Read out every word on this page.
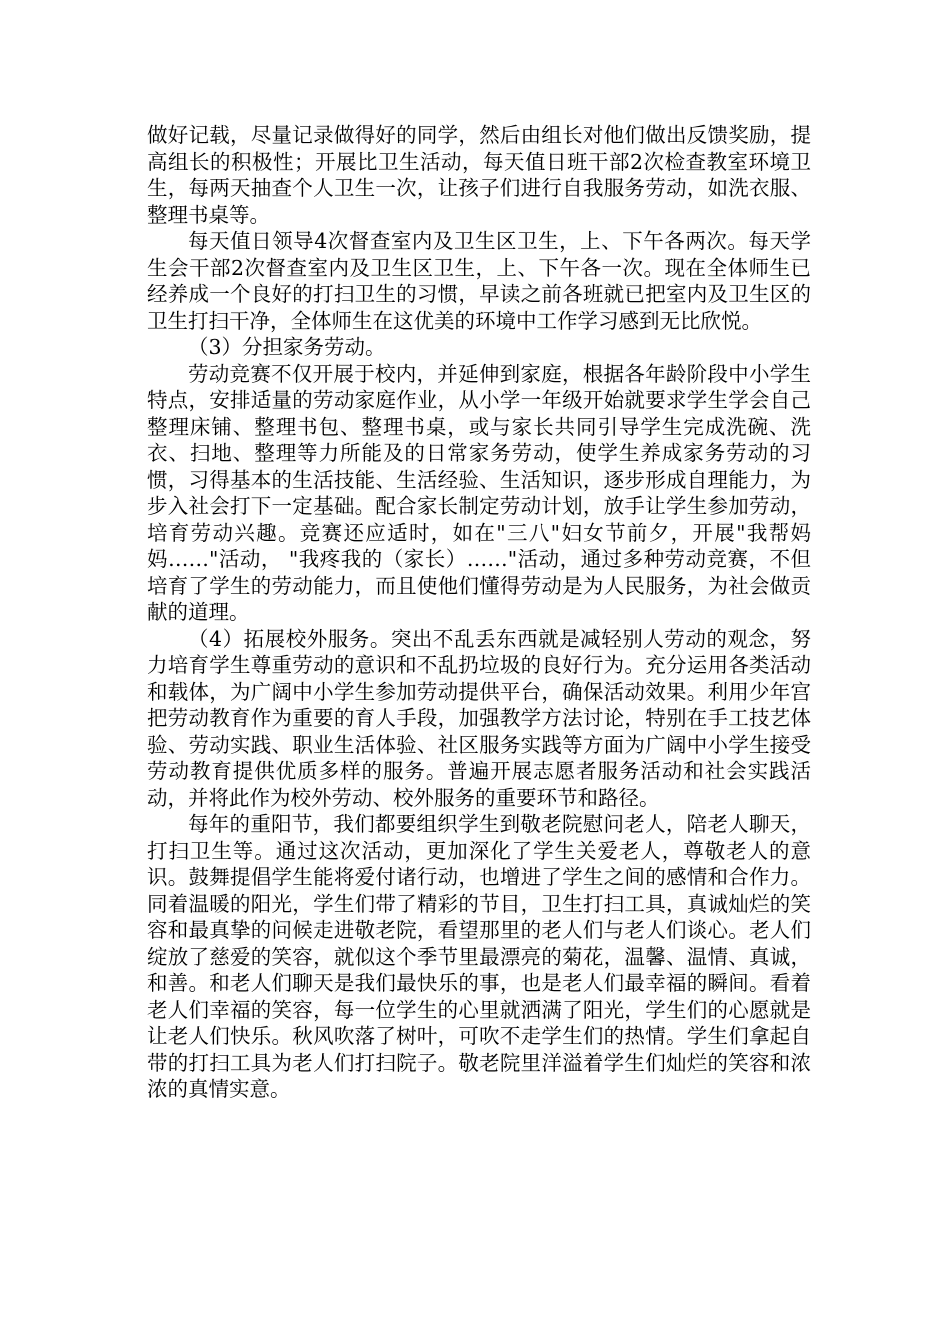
做好记载，尽量记录做得好的同学，然后由组长对他们做出反馈奖励，提高组长的积极性；开展比卫生活动，每天值日班干部2次检查教室环境卫生，每两天抽查个人卫生一次，让孩子们进行自我服务劳动，如洗衣服、整理书桌等。

每天值日领导4次督查室内及卫生区卫生，上、下午各两次。每天学生会干部2次督查室内及卫生区卫生，上、下午各一次。现在全体师生已经养成一个良好的打扫卫生的习惯，早读之前各班就已把室内及卫生区的卫生打扫干净，全体师生在这优美的环境中工作学习感到无比欣悦。

（3）分担家务劳动。

劳动竞赛不仅开展于校内，并延伸到家庭，根据各年龄阶段中小学生特点，安排适量的劳动家庭作业，从小学一年级开始就要求学生学会自己整理床铺、整理书包、整理书桌，或与家长共同引导学生完成洗碗、洗衣、扫地、整理等力所能及的日常家务劳动，使学生养成家务劳动的习惯，习得基本的生活技能、生活经验、生活知识，逐步形成自理能力，为步入社会打下一定基础。配合家长制定劳动计划，放手让学生参加劳动，培育劳动兴趣。竞赛还应适时，如在"三八"妇女节前夕，开展"我帮妈妈……"活动， "我疼我的（家长）……"活动，通过多种劳动竞赛，不但培育了学生的劳动能力，而且使他们懂得劳动是为人民服务，为社会做贡献的道理。

（4）拓展校外服务。突出不乱丢东西就是减轻别人劳动的观念，努力培育学生尊重劳动的意识和不乱扔垃圾的良好行为。充分运用各类活动和载体，为广阔中小学生参加劳动提供平台，确保活动效果。利用少年宫把劳动教育作为重要的育人手段，加强教学方法讨论，特别在手工技艺体验、劳动实践、职业生活体验、社区服务实践等方面为广阔中小学生接受劳动教育提供优质多样的服务。普遍开展志愿者服务活动和社会实践活动，并将此作为校外劳动、校外服务的重要环节和路径。

每年的重阳节，我们都要组织学生到敬老院慰问老人，陪老人聊天，打扫卫生等。通过这次活动，更加深化了学生关爱老人，尊敬老人的意识。鼓舞提倡学生能将爱付诸行动，也增进了学生之间的感情和合作力。同着温暖的阳光，学生们带了精彩的节目，卫生打扫工具，真诚灿烂的笑容和最真挚的问候走进敬老院，看望那里的老人们与老人们谈心。老人们绽放了慈爱的笑容，就似这个季节里最漂亮的菊花，温馨、温情、真诚，和善。和老人们聊天是我们最快乐的事，也是老人们最幸福的瞬间。看着老人们幸福的笑容，每一位学生的心里就洒满了阳光，学生们的心愿就是让老人们快乐。秋风吹落了树叶，可吹不走学生们的热情。学生们拿起自带的打扫工具为老人们打扫院子。敬老院里洋溢着学生们灿烂的笑容和浓浓的真情实意。
